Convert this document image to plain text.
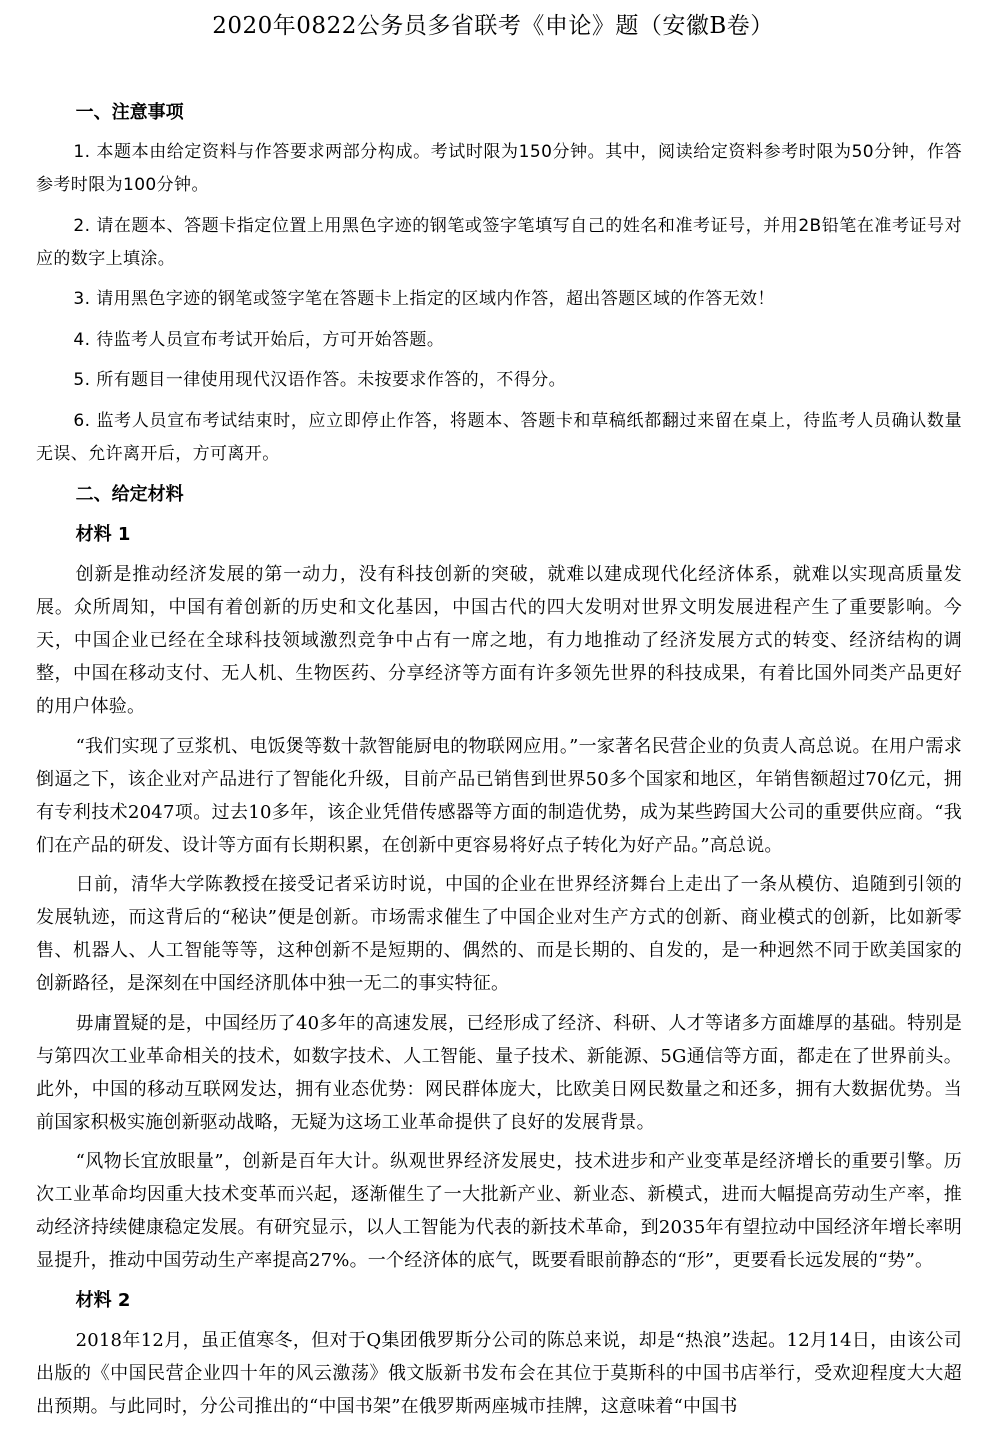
2020年0822公务员多省联考《申论》题（安徽B卷）

一、注意事项

1. 本题本由给定资料与作答要求两部分构成。考试时限为150分钟。其中，阅读给定资料参考时限为50分钟，作答参考时限为100分钟。

2. 请在题本、答题卡指定位置上用黑色字迹的钢笔或签字笔填写自己的姓名和准考证号，并用2B铅笔在准考证号对应的数字上填涂。

3. 请用黑色字迹的钢笔或签字笔在答题卡上指定的区域内作答，超出答题区域的作答无效！

4. 待监考人员宣布考试开始后，方可开始答题。

5. 所有题目一律使用现代汉语作答。未按要求作答的，不得分。

6. 监考人员宣布考试结束时，应立即停止作答，将题本、答题卡和草稿纸都翻过来留在桌上，待监考人员确认数量无误、允许离开后，方可离开。

二、给定材料

材料 1

创新是推动经济发展的第一动力，没有科技创新的突破，就难以建成现代化经济体系，就难以实现高质量发展。众所周知，中国有着创新的历史和文化基因，中国古代的四大发明对世界文明发展进程产生了重要影响。今天，中国企业已经在全球科技领域激烈竞争中占有一席之地，有力地推动了经济发展方式的转变、经济结构的调整，中国在移动支付、无人机、生物医药、分享经济等方面有许多领先世界的科技成果，有着比国外同类产品更好的用户体验。

“我们实现了豆浆机、电饭煲等数十款智能厨电的物联网应用。”一家著名民营企业的负责人高总说。在用户需求倒逼之下，该企业对产品进行了智能化升级，目前产品已销售到世界50多个国家和地区，年销售额超过70亿元，拥有专利技术2047项。过去10多年，该企业凭借传感器等方面的制造优势，成为某些跨国大公司的重要供应商。“我们在产品的研发、设计等方面有长期积累，在创新中更容易将好点子转化为好产品。”高总说。

日前，清华大学陈教授在接受记者采访时说，中国的企业在世界经济舞台上走出了一条从模仿、追随到引领的发展轨迹，而这背后的“秘诀”便是创新。市场需求催生了中国企业对生产方式的创新、商业模式的创新，比如新零售、机器人、人工智能等等，这种创新不是短期的、偶然的、而是长期的、自发的，是一种迥然不同于欧美国家的创新路径，是深刻在中国经济肌体中独一无二的事实特征。

毋庸置疑的是，中国经历了40多年的高速发展，已经形成了经济、科研、人才等诸多方面雄厚的基础。特别是与第四次工业革命相关的技术，如数字技术、人工智能、量子技术、新能源、5G通信等方面，都走在了世界前头。此外，中国的移动互联网发达，拥有业态优势：网民群体庞大，比欧美日网民数量之和还多，拥有大数据优势。当前国家积极实施创新驱动战略，无疑为这场工业革命提供了良好的发展背景。

“风物长宜放眼量”，创新是百年大计。纵观世界经济发展史，技术进步和产业变革是经济增长的重要引擎。历次工业革命均因重大技术变革而兴起，逐渐催生了一大批新产业、新业态、新模式，进而大幅提高劳动生产率，推动经济持续健康稳定发展。有研究显示，以人工智能为代表的新技术革命，到2035年有望拉动中国经济年增长率明显提升，推动中国劳动生产率提高27%。一个经济体的底气，既要看眼前静态的“形”，更要看长远发展的“势”。

材料 2

2018年12月，虽正值寒冬，但对于Q集团俄罗斯分公司的陈总来说，却是“热浪”迭起。12月14日，由该公司出版的《中国民营企业四十年的风云激荡》俄文版新书发布会在其位于莫斯科的中国书店举行，受欢迎程度大大超出预期。与此同时，分公司推出的“中国书架”在俄罗斯两座城市挂牌，这意味着“中国书
